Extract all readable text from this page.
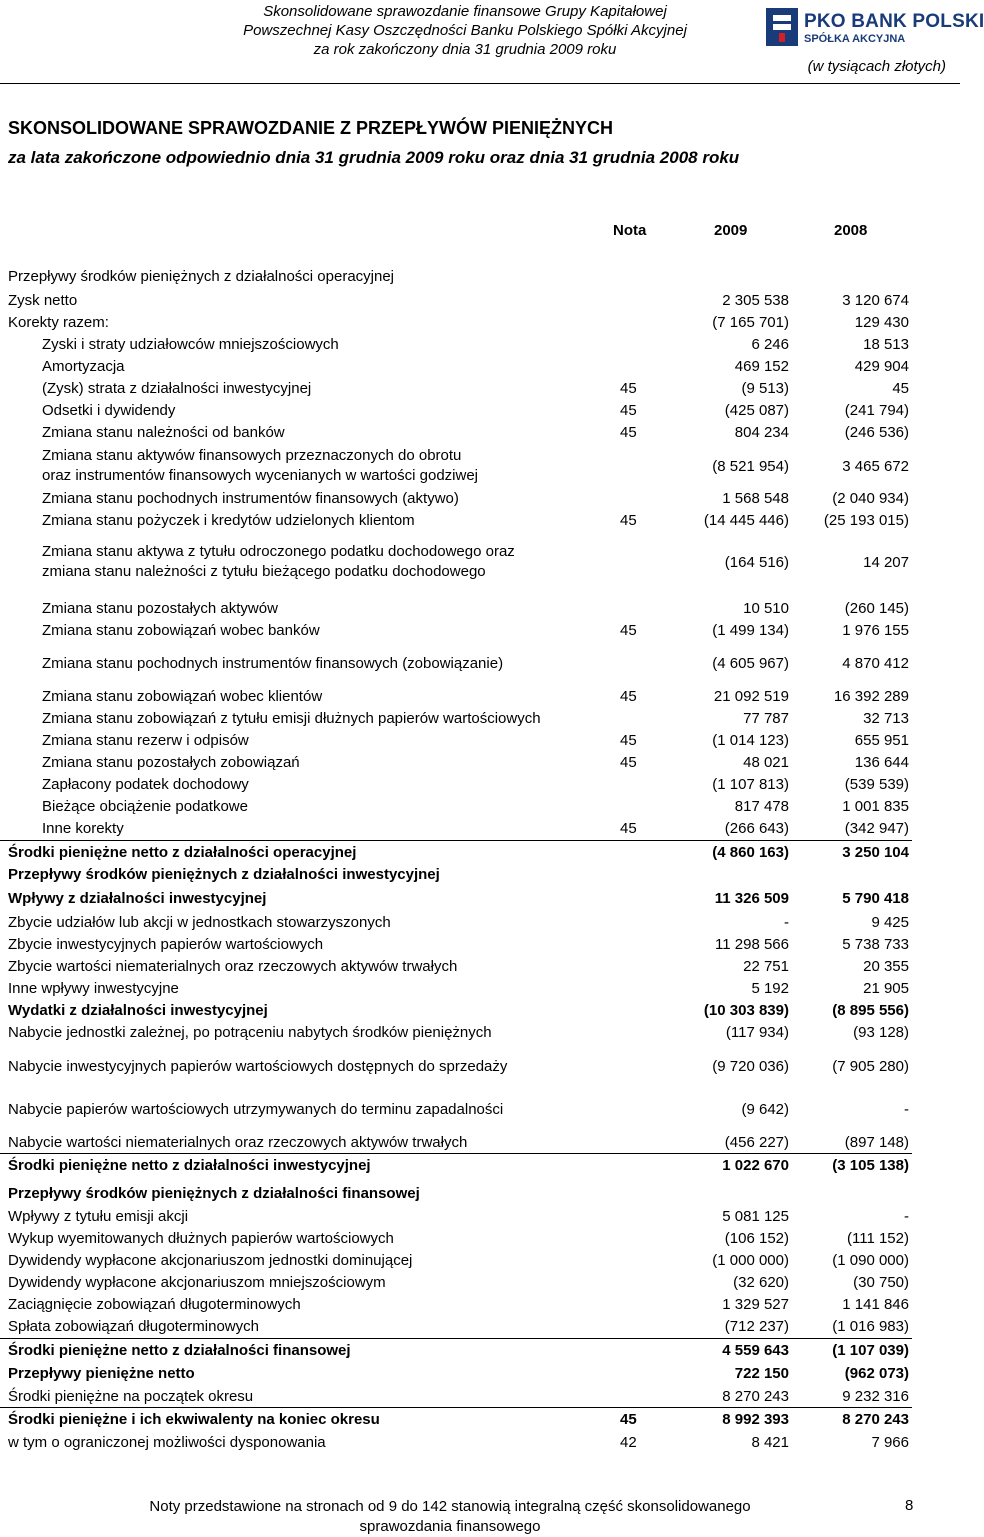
Skonsolidowane sprawozdanie finansowe Grupy Kapitałowej
Powszechnej Kasy Oszczędności Banku Polskiego Spółki Akcyjnej
za rok zakończony dnia 31 grudnia 2009 roku
PKO BANK POLSKI
SPÓŁKA AKCYJNA
(w tysiącach złotych)
SKONSOLIDOWANE SPRAWOZDANIE Z PRZEPŁYWÓW PIENIĘŻNYCH
za lata zakończone odpowiednio dnia 31 grudnia 2009 roku oraz dnia 31 grudnia 2008 roku
Nota	2009	2008
Przepływy środków pieniężnych z działalności operacyjnej
Zysk netto	2 305 538	3 120 674
Korekty razem:	(7 165 701)	129 430
Zyski i straty udziałowców mniejszościowych	6 246	18 513
Amortyzacja	469 152	429 904
(Zysk) strata z działalności inwestycyjnej	45	(9 513)	45
Odsetki i dywidendy	45	(425 087)	(241 794)
Zmiana stanu należności od banków	45	804 234	(246 536)
Zmiana stanu aktywów finansowych przeznaczonych do obrotu
oraz instrumentów finansowych wycenianych w wartości godziwej
(8 521 954)	3 465 672
Zmiana stanu pochodnych instrumentów finansowych (aktywo)	1 568 548	(2 040 934)
Zmiana stanu pożyczek i kredytów udzielonych klientom	45	(14 445 446) (25 193 015)
Zmiana stanu aktywa z tytułu odroczonego podatku dochodowego oraz
zmiana stanu należności z tytułu bieżącego podatku dochodowego
(164 516)	14 207
Zmiana stanu pozostałych aktywów	10 510	(260 145)
Zmiana stanu zobowiązań wobec banków	45	(1 499 134)	1 976 155
Zmiana stanu pochodnych instrumentów finansowych (zobowiązanie)	(4 605 967)	4 870 412
Zmiana stanu zobowiązań wobec klientów	45	21 092 519	16 392 289
Zmiana stanu zobowiązań z tytułu emisji dłużnych papierów wartościowych	77 787	32 713
Zmiana stanu rezerw i odpisów	45	(1 014 123)	655 951
Zmiana stanu pozostałych zobowiązań	45	48 021	136 644
Zapłacony podatek dochodowy	(1 107 813)	(539 539)
Bieżące obciążenie podatkowe	817 478	1 001 835
Inne korekty	45	(266 643)	(342 947)
Środki pieniężne netto z działalności operacyjnej	(4 860 163)	3 250 104
Przepływy środków pieniężnych z działalności inwestycyjnej
Wpływy z działalności inwestycyjnej	11 326 509	5 790 418
Zbycie udziałów lub akcji w jednostkach stowarzyszonych	-	9 425
Zbycie inwestycyjnych papierów wartościowych	11 298 566	5 738 733
Zbycie wartości niematerialnych oraz rzeczowych aktywów trwałych	22 751	20 355
Inne wpływy inwestycyjne	5 192	21 905
Wydatki z działalności inwestycyjnej	(10 303 839)	(8 895 556)
Nabycie jednostki zależnej, po potrąceniu nabytych środków pieniężnych	(117 934)	(93 128)
Nabycie inwestycyjnych papierów wartościowych dostępnych do sprzedaży	(9 720 036)	(7 905 280)
Nabycie papierów wartościowych utrzymywanych do terminu zapadalności	(9 642)	-
Nabycie wartości niematerialnych oraz rzeczowych aktywów trwałych	(456 227)	(897 148)
Środki pieniężne netto z działalności inwestycyjnej	1 022 670	(3 105 138)
Przepływy środków pieniężnych z działalności finansowej
Wpływy z tytułu emisji akcji	5 081 125	-
Wykup wyemitowanych dłużnych papierów wartościowych	(106 152)	(111 152)
Dywidendy wypłacone akcjonariuszom jednostki dominującej	(1 000 000)	(1 090 000)
Dywidendy wypłacone akcjonariuszom mniejszościowym	(32 620)	(30 750)
Zaciągnięcie zobowiązań długoterminowych	1 329 527	1 141 846
Spłata zobowiązań długoterminowych	(712 237)	(1 016 983)
Środki pieniężne netto z działalności finansowej	4 559 643	(1 107 039)
Przepływy pieniężne netto	722 150	(962 073)
Środki pieniężne na początek okresu	8 270 243	9 232 316
Środki pieniężne i ich ekwiwalenty na koniec okresu	45	8 992 393	8 270 243
w tym o ograniczonej możliwości dysponowania	42	8 421	7 966
Noty przedstawione na stronach od 9 do 142 stanowią integralną część skonsolidowanego
sprawozdania finansowego
8
